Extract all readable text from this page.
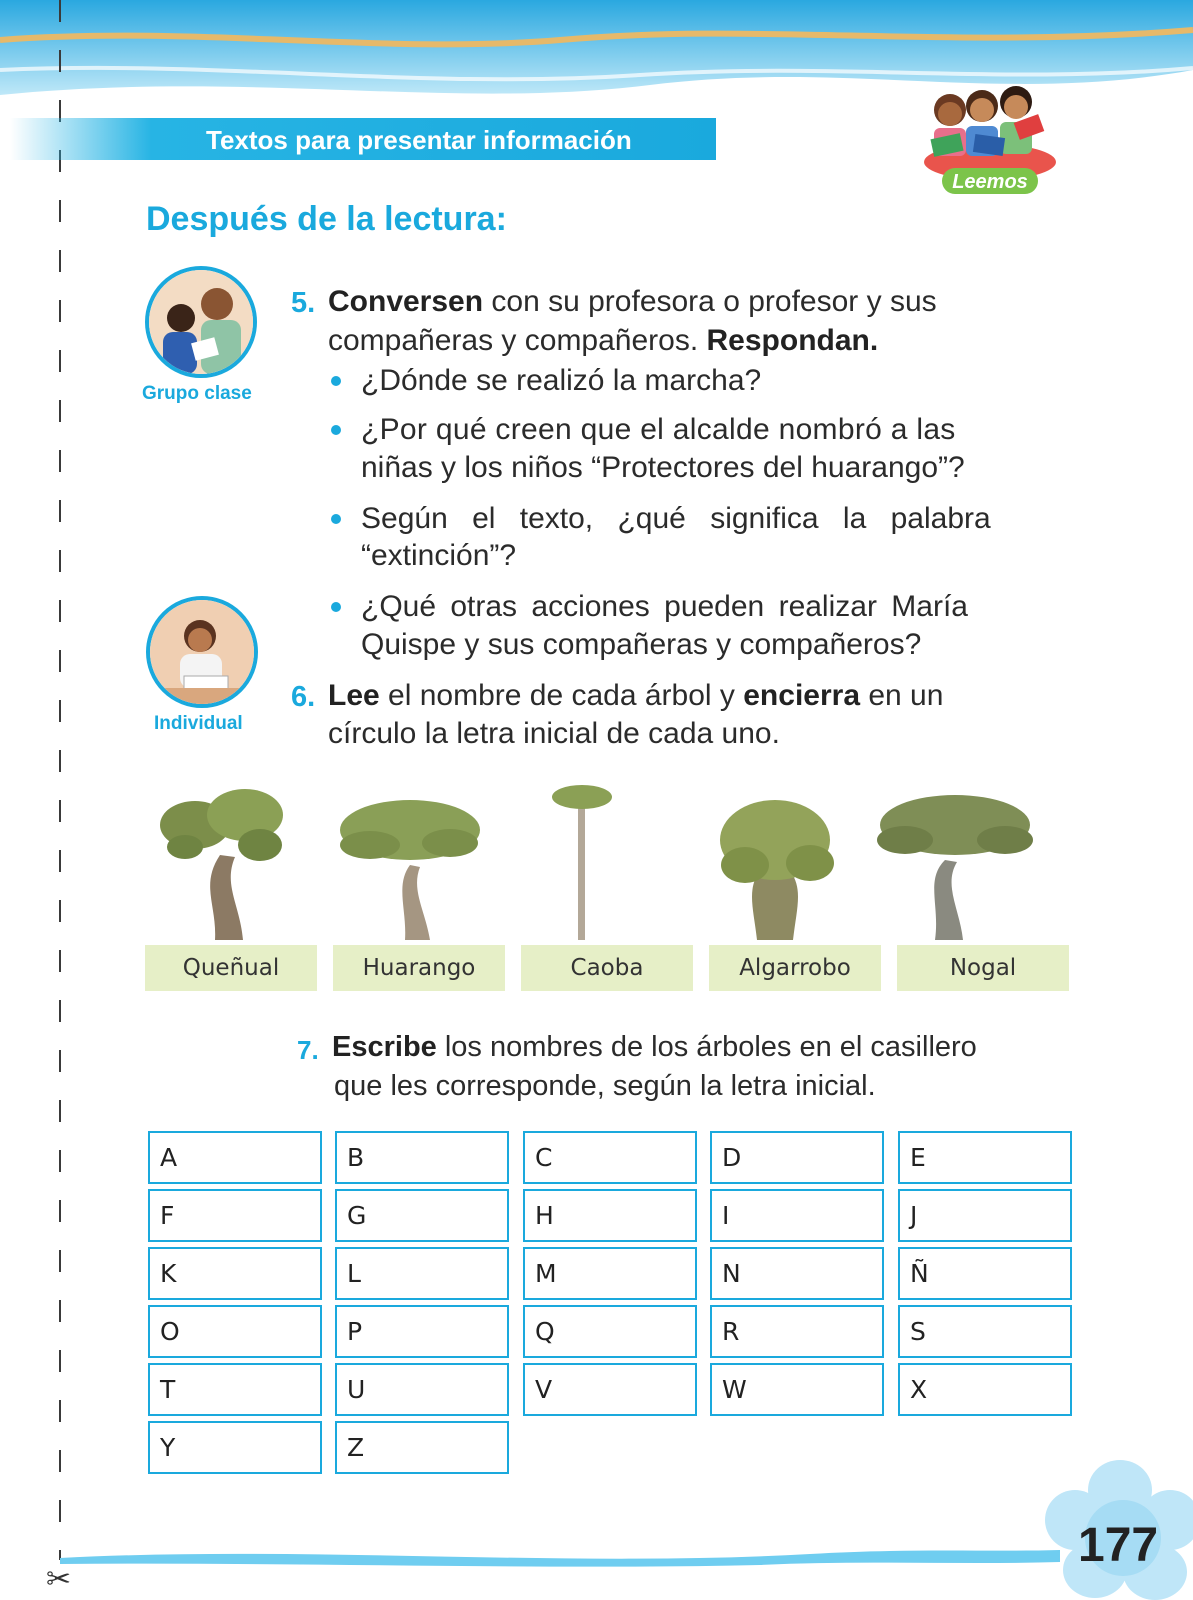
✂
Textos para presentar información
Leemos
Después de la lectura:
Grupo clase
Individual
5. Conversen con su profesora o profesor y sus
compañeras y compañeros. Respondan.
¿Dónde se realizó la marcha?
¿Por qué creen que el alcalde nombró a las
niñas y los niños “Protectores del huarango”?
Según el texto, ¿qué significa la palabra
“extinción”?
¿Qué otras acciones pueden realizar María
Quispe y sus compañeras y compañeros?
6. Lee el nombre de cada árbol y encierra en un
círculo la letra inicial de cada uno.
Queñual	Huarango	Caoba	Algarrobo	Nogal
7. Escribe los nombres de los árboles en el casillero
que les corresponde, según la letra inicial.
A	B	C	D	E
F	G	H	I	J
K	L	M	N	Ñ
O	P	Q	R	S
T	U	V	W	X
Y	Z
177
